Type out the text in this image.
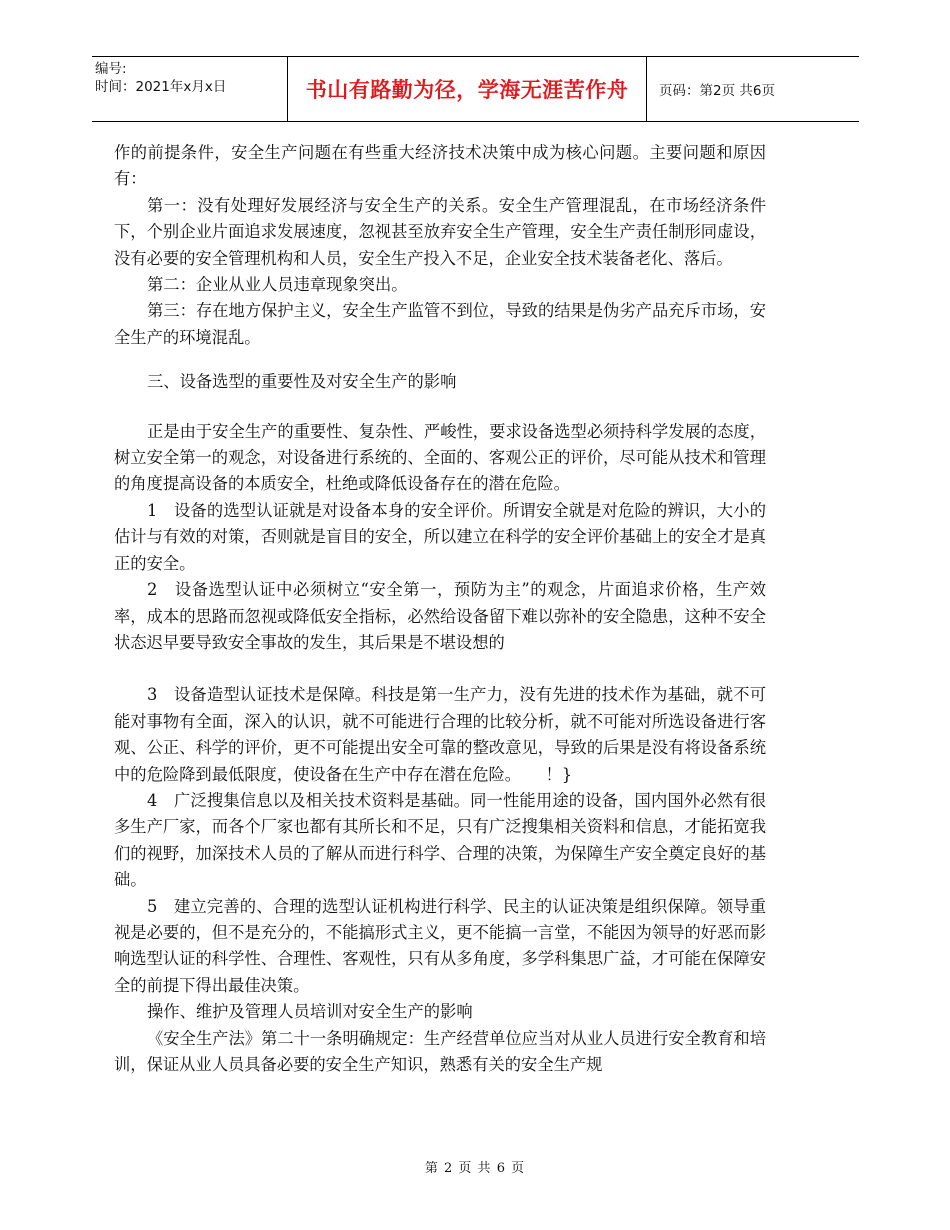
编号:
时间：2021年x月x日	书山有路勤为径，学海无涯苦作舟	页码：第2页 共6页

作的前提条件，安全生产问题在有些重大经济技术决策中成为核心问题。主要问题和原因有：

第一：没有处理好发展经济与安全生产的关系。安全生产管理混乱，在市场经济条件下，个别企业片面追求发展速度，忽视甚至放弃安全生产管理，安全生产责任制形同虚设，没有必要的安全管理机构和人员，安全生产投入不足，企业安全技术装备老化、落后。

第二：企业从业人员违章现象突出。

第三：存在地方保护主义，安全生产监管不到位，导致的结果是伪劣产品充斥市场，安全生产的环境混乱。

三、设备选型的重要性及对安全生产的影响

正是由于安全生产的重要性、复杂性、严峻性，要求设备选型必须持科学发展的态度，树立安全第一的观念，对设备进行系统的、全面的、客观公正的评价，尽可能从技术和管理的角度提高设备的本质安全，杜绝或降低设备存在的潜在危险。

1　设备的选型认证就是对设备本身的安全评价。所谓安全就是对危险的辨识，大小的估计与有效的对策，否则就是盲目的安全，所以建立在科学的安全评价基础上的安全才是真正的安全。

2　设备选型认证中必须树立“安全第一，预防为主”的观念，片面追求价格，生产效率，成本的思路而忽视或降低安全指标，必然给设备留下难以弥补的安全隐患，这种不安全状态迟早要导致安全事故的发生，其后果是不堪设想的

3　设备造型认证技术是保障。科技是第一生产力，没有先进的技术作为基础，就不可能对事物有全面，深入的认识，就不可能进行合理的比较分析，就不可能对所选设备进行客观、公正、科学的评价，更不可能提出安全可靠的整改意见，导致的后果是没有将设备系统中的危险降到最低限度，使设备在生产中存在潜在危险。　　！}

4　广泛搜集信息以及相关技术资料是基础。同一性能用途的设备，国内国外必然有很多生产厂家，而各个厂家也都有其所长和不足，只有广泛搜集相关资料和信息，才能拓宽我们的视野，加深技术人员的了解从而进行科学、合理的决策，为保障生产安全奠定良好的基础。

5　建立完善的、合理的选型认证机构进行科学、民主的认证决策是组织保障。领导重视是必要的，但不是充分的，不能搞形式主义，更不能搞一言堂，不能因为领导的好恶而影响选型认证的科学性、合理性、客观性，只有从多角度，多学科集思广益，才可能在保障安全的前提下得出最佳决策。

操作、维护及管理人员培训对安全生产的影响

《安全生产法》第二十一条明确规定：生产经营单位应当对从业人员进行安全教育和培训，保证从业人员具备必要的安全生产知识，熟悉有关的安全生产规

第 2 页 共 6 页
